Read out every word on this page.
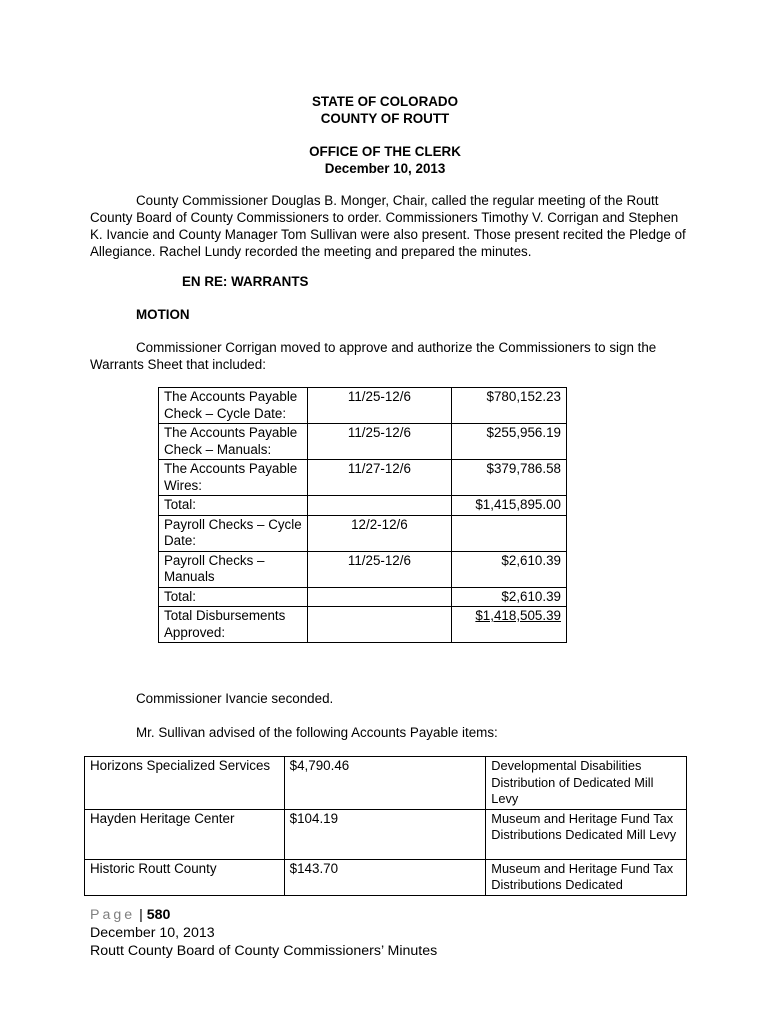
STATE OF COLORADO
COUNTY OF ROUTT
OFFICE OF THE CLERK
December 10, 2013

County Commissioner Douglas B. Monger, Chair, called the regular meeting of the Routt County Board of County Commissioners to order. Commissioners Timothy V. Corrigan and Stephen K. Ivancie and County Manager Tom Sullivan were also present. Those present recited the Pledge of Allegiance. Rachel Lundy recorded the meeting and prepared the minutes.

EN RE: WARRANTS
MOTION

Commissioner Corrigan moved to approve and authorize the Commissioners to sign the Warrants Sheet that included:

The Accounts Payable Check – Cycle Date:	11/25-12/6	$780,152.23
The Accounts Payable Check – Manuals:	11/25-12/6	$255,956.19
The Accounts Payable Wires:	11/27-12/6	$379,786.58
Total:		$1,415,895.00
Payroll Checks – Cycle Date:	12/2-12/6	
Payroll Checks – Manuals	11/25-12/6	$2,610.39
Total:		$2,610.39
Total Disbursements Approved:		$1,418,505.39
Commissioner Ivancie seconded.
Mr. Sullivan advised of the following Accounts Payable items:
Horizons Specialized Services	$4,790.46	Developmental Disabilities Distribution of Dedicated Mill Levy
Hayden Heritage Center	$104.19	Museum and Heritage Fund Tax Distributions Dedicated Mill Levy
Historic Routt County	$143.70	Museum and Heritage Fund Tax Distributions Dedicated
Page | 580
December 10, 2013
Routt County Board of County Commissioners’ Minutes
